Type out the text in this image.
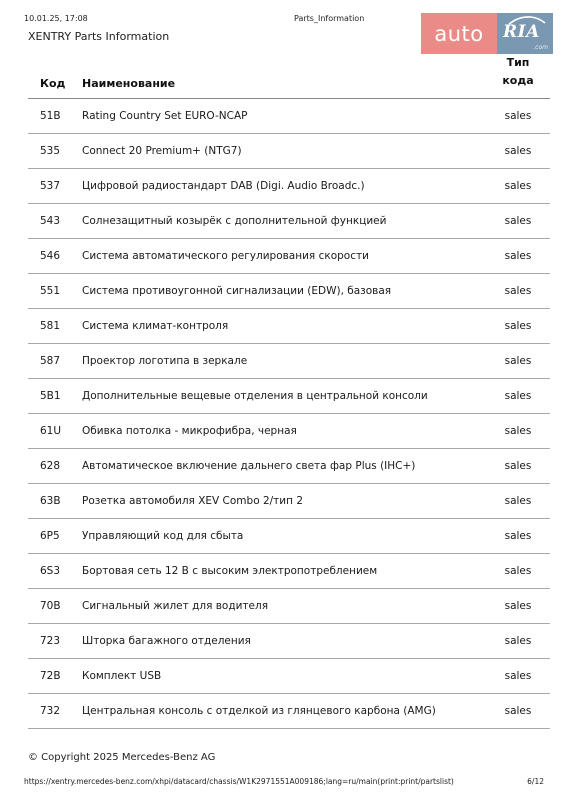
10.01.25, 17:08	Parts_Information
XENTRY Parts Information	auto RIA
.com
Код	Наименование	Тип
кода
51B	Rating Country Set EURO-NCAP	sales
535	Connect 20 Premium+ (NTG7)	sales
537	Цифровой радиостандарт DAB (Digi. Audio Broadc.)	sales
543	Солнезащитный козырёк с дополнительной функцией	sales
546	Система автоматического регулирования скорости	sales
551	Система противоугонной сигнализации (EDW), базовая	sales
581	Система климат-контроля	sales
587	Проектор логотипа в зеркале	sales
5B1	Дополнительные вещевые отделения в центральной консоли	sales
61U	Обивка потолка - микрофибра, черная	sales
628	Автоматическое включение дальнего света фар Plus (IHC+)	sales
63B	Розетка автомобиля XEV Combo 2/тип 2	sales
6P5	Управляющий код для сбыта	sales
6S3	Бортовая сеть 12 В с высоким электропотреблением	sales
70B	Сигнальный жилет для водителя	sales
723	Шторка багажного отделения	sales
72B	Комплект USB	sales
732	Центральная консоль с отделкой из глянцевого карбона (AMG)	sales
© Copyright 2025 Mercedes-Benz AG
https://xentry.mercedes-benz.com/xhpi/datacard/chassis/W1K2971551A009186;lang=ru/main(print:print/partslist)	6/12
